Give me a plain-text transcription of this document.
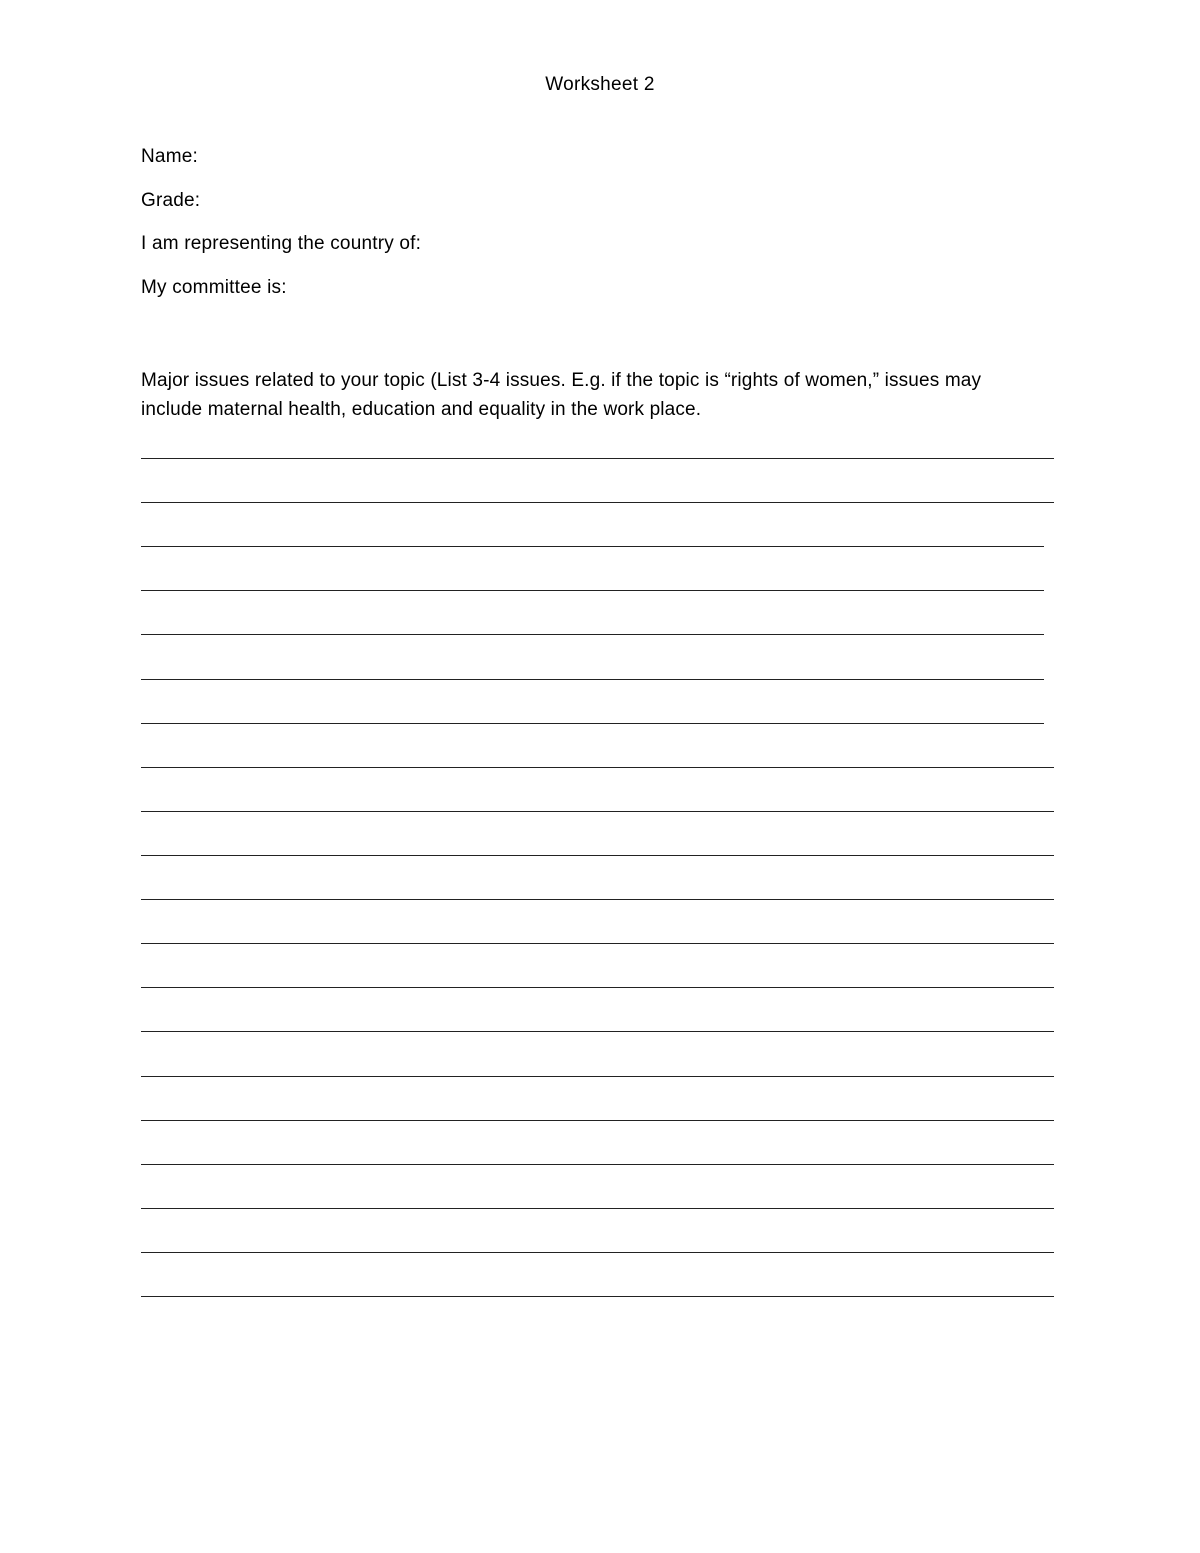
Worksheet 2
Name:
Grade:
I am representing the country of:
My committee is:
Major issues related to your topic (List 3-4 issues. E.g. if the topic is “rights of women,” issues may
include maternal health, education and equality in the work place.
